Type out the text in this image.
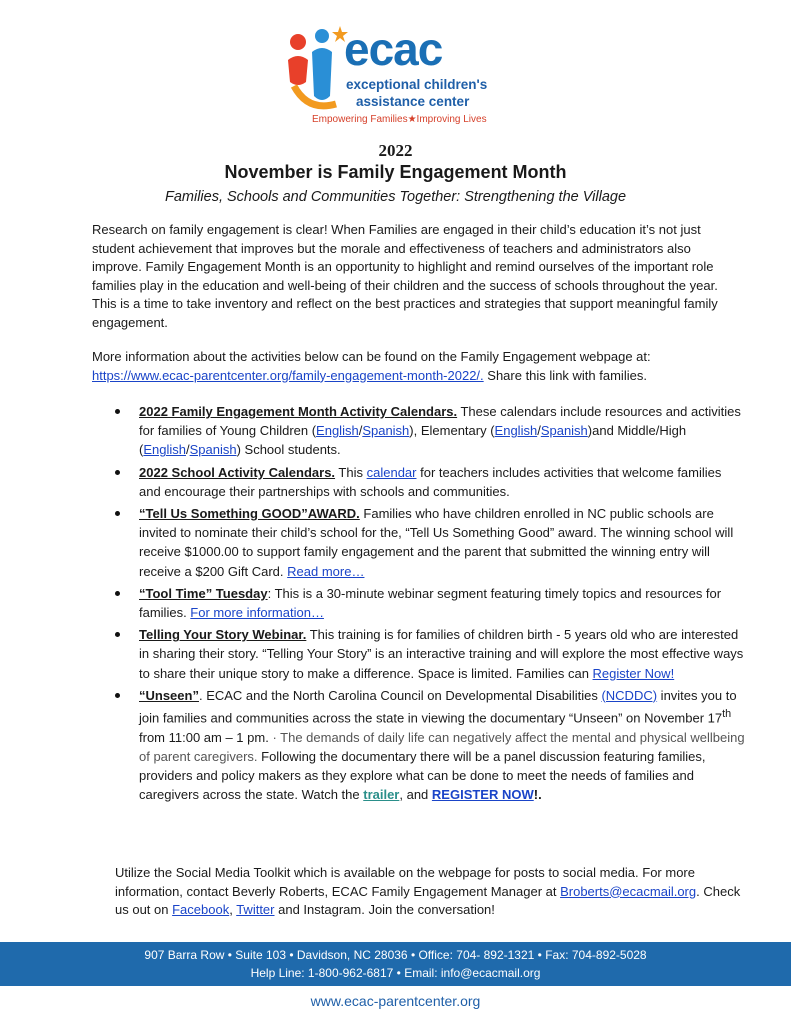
ecac
exceptional children's
assistance center
Empowering Families★Improving Lives
2022
November is Family Engagement Month
Families, Schools and Communities Together: Strengthening the Village
Research on family engagement is clear! When Families are engaged in their child’s education it’s not just student achievement that improves but the morale and effectiveness of teachers and administrators also improve. Family Engagement Month is an opportunity to highlight and remind ourselves of the important role families play in the education and well-being of their children and the success of schools throughout the year. This is a time to take inventory and reflect on the best practices and strategies that support meaningful family engagement.
More information about the activities below can be found on the Family Engagement webpage at: https://www.ecac-parentcenter.org/family-engagement-month-2022/. Share this link with families.
2022 Family Engagement Month Activity Calendars. These calendars include resources and activities for families of Young Children (English/Spanish), Elementary (English/Spanish)and Middle/High (English/Spanish) School students.
2022 School Activity Calendars. This calendar for teachers includes activities that welcome families and encourage their partnerships with schools and communities.
“Tell Us Something GOOD”AWARD. Families who have children enrolled in NC public schools are invited to nominate their child’s school for the, “Tell Us Something Good” award. The winning school will receive $1000.00 to support family engagement and the parent that submitted the winning entry will receive a $200 Gift Card. Read more…
“Tool Time” Tuesday: This is a 30-minute webinar segment featuring timely topics and resources for families. For more information…
Telling Your Story Webinar. This training is for families of children birth - 5 years old who are interested in sharing their story. “Telling Your Story” is an interactive training and will explore the most effective ways to share their unique story to make a difference. Space is limited. Families can Register Now!
“Unseen”. ECAC and the North Carolina Council on Developmental Disabilities (NCDDC) invites you to join families and communities across the state in viewing the documentary “Unseen” on November 17th from 11:00 am – 1 pm. · The demands of daily life can negatively affect the mental and physical wellbeing of parent caregivers. Following the documentary there will be a panel discussion featuring families, providers and policy makers as they explore what can be done to meet the needs of families and caregivers across the state. Watch the trailer, and REGISTER NOW!.
Utilize the Social Media Toolkit which is available on the webpage for posts to social media. For more information, contact Beverly Roberts, ECAC Family Engagement Manager at Broberts@ecacmail.org. Check us out on Facebook, Twitter and Instagram. Join the conversation!
907 Barra Row • Suite 103 • Davidson, NC 28036 • Office: 704- 892-1321 • Fax: 704-892-5028
Help Line: 1-800-962-6817 • Email: info@ecacmail.org
www.ecac-parentcenter.org
